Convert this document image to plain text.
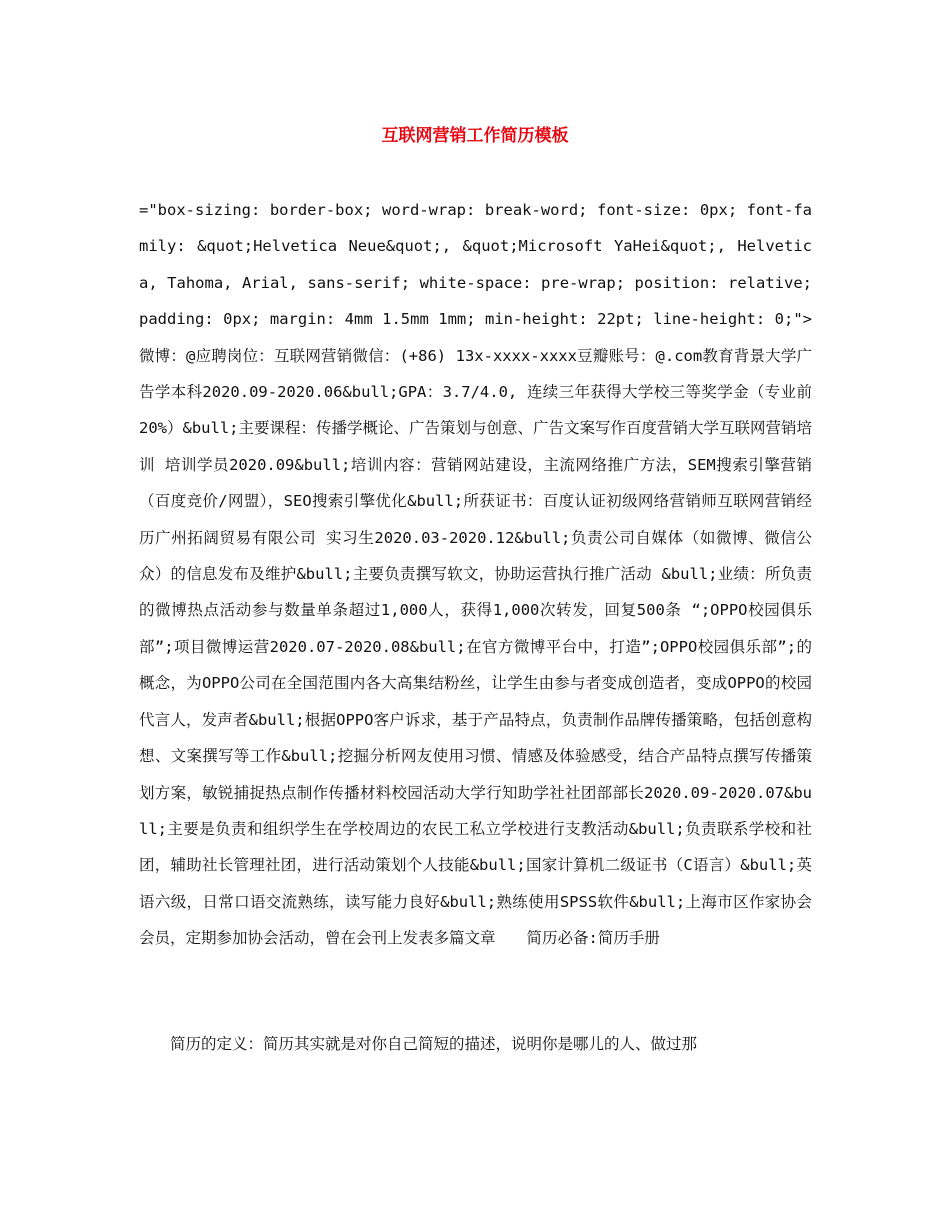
互联网营销工作简历模板

="box-sizing: border-box; word-wrap: break-word; font-size: 0px; font-family: &quot;Helvetica Neue&quot;, &quot;Microsoft YaHei&quot;, Helvetica, Tahoma, Arial, sans-serif; white-space: pre-wrap; position: relative; padding: 0px; margin: 4mm 1.5mm 1mm; min-height: 22pt; line-height: 0;">微博：@应聘岗位：互联网营销微信：(+86) 13x-xxxx-xxxx豆瓣账号：@.com教育背景大学广告学本科2020.09-2020.06&bull;GPA：3.7/4.0, 连续三年获得大学校三等奖学金（专业前20%）&bull;主要课程：传播学概论、广告策划与创意、广告文案写作百度营销大学互联网营销培训 培训学员2020.09&bull;培训内容：营销网站建设，主流网络推广方法，SEM搜索引擎营销（百度竞价/网盟），SEO搜索引擎优化&bull;所获证书：百度认证初级网络营销师互联网营销经历广州拓阔贸易有限公司 实习生2020.03-2020.12&bull;负责公司自媒体（如微博、微信公众）的信息发布及维护&bull;主要负责撰写软文，协助运营执行推广活动 &bull;业绩：所负责的微博热点活动参与数量单条超过1,000人，获得1,000次转发，回复500条 “;OPPO校园俱乐部”;项目微博运营2020.07-2020.08&bull;在官方微博平台中，打造”;OPPO校园俱乐部”;的概念，为OPPO公司在全国范围内各大高集结粉丝，让学生由参与者变成创造者，变成OPPO的校园代言人，发声者&bull;根据OPPO客户诉求，基于产品特点，负责制作品牌传播策略，包括创意构想、文案撰写等工作&bull;挖掘分析网友使用习惯、情感及体验感受，结合产品特点撰写传播策划方案，敏锐捕捉热点制作传播材料校园活动大学行知助学社社团部部长2020.09-2020.07&bull;主要是负责和组织学生在学校周边的农民工私立学校进行支教活动&bull;负责联系学校和社团，辅助社长管理社团，进行活动策划个人技能&bull;国家计算机二级证书（C语言）&bull;英语六级，日常口语交流熟练，读写能力良好&bull;熟练使用SPSS软件&bull;上海市区作家协会会员，定期参加协会活动，曾在会刊上发表多篇文章　　简历必备:简历手册

简历的定义：简历其实就是对你自己简短的描述，说明你是哪儿的人、做过那
